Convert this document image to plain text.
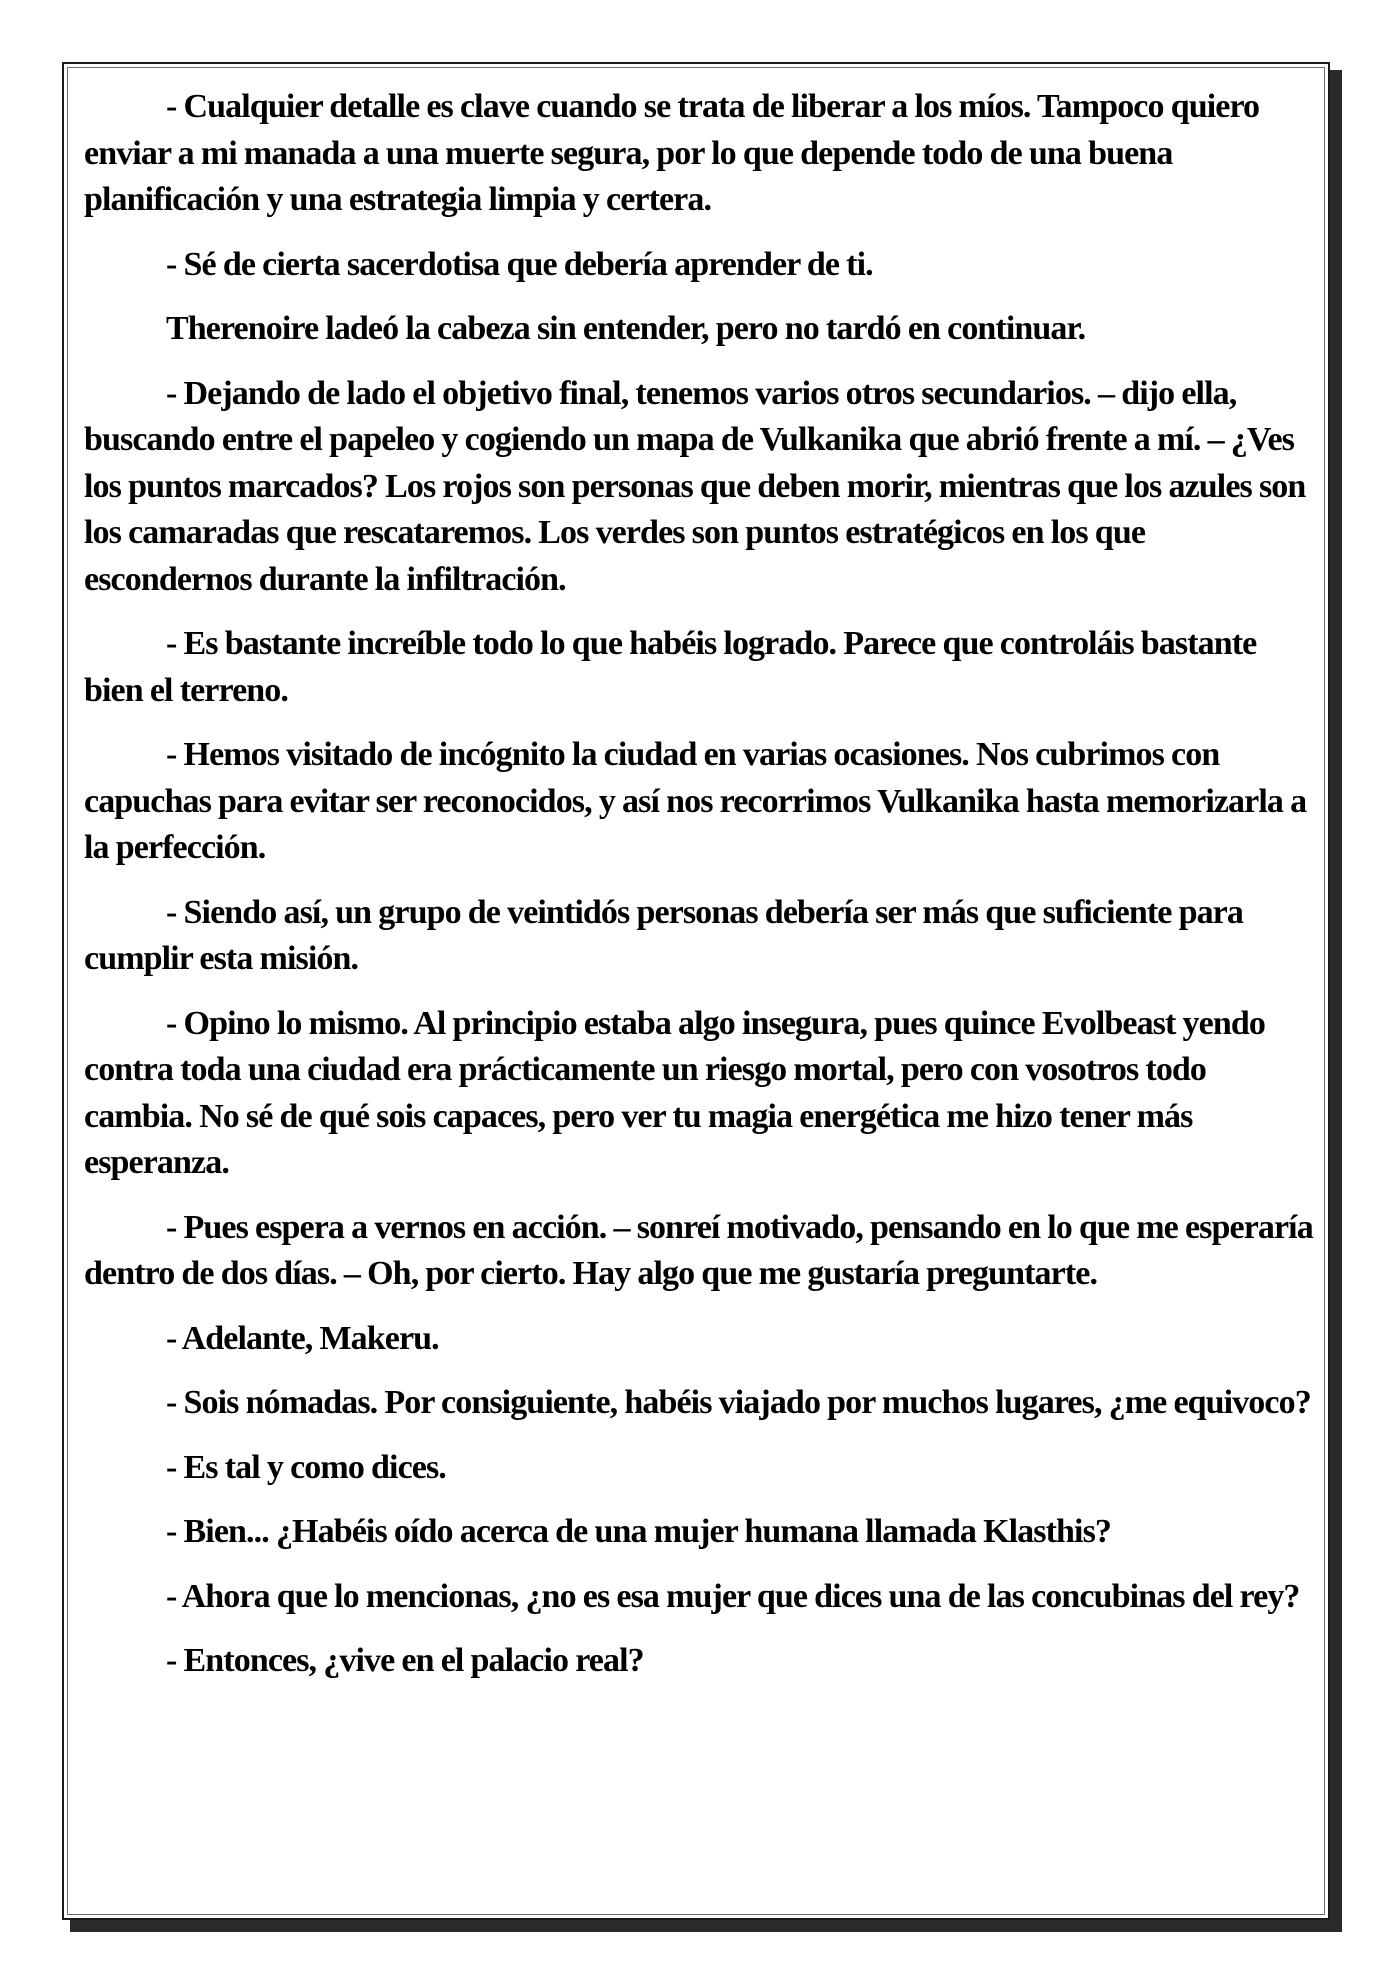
- Cualquier detalle es clave cuando se trata de liberar a los míos. Tampoco quiero enviar a mi manada a una muerte segura, por lo que depende todo de una buena planificación y una estrategia limpia y certera.

- Sé de cierta sacerdotisa que debería aprender de ti.

Therenoire ladeó la cabeza sin entender, pero no tardó en continuar.

- Dejando de lado el objetivo final, tenemos varios otros secundarios. – dijo ella, buscando entre el papeleo y cogiendo un mapa de Vulkanika que abrió frente a mí. – ¿Ves los puntos marcados? Los rojos son personas que deben morir, mientras que los azules son los camaradas que rescataremos. Los verdes son puntos estratégicos en los que escondernos durante la infiltración.

- Es bastante increíble todo lo que habéis logrado. Parece que controláis bastante bien el terreno.

- Hemos visitado de incógnito la ciudad en varias ocasiones. Nos cubrimos con capuchas para evitar ser reconocidos, y así nos recorrimos Vulkanika hasta memorizarla a la perfección.

- Siendo así, un grupo de veintidós personas debería ser más que suficiente para cumplir esta misión.

- Opino lo mismo. Al principio estaba algo insegura, pues quince Evolbeast yendo contra toda una ciudad era prácticamente un riesgo mortal, pero con vosotros todo cambia. No sé de qué sois capaces, pero ver tu magia energética me hizo tener más esperanza.

- Pues espera a vernos en acción. – sonreí motivado, pensando en lo que me esperaría dentro de dos días. – Oh, por cierto. Hay algo que me gustaría preguntarte.

- Adelante, Makeru.

- Sois nómadas. Por consiguiente, habéis viajado por muchos lugares, ¿me equivoco?

- Es tal y como dices.

- Bien... ¿Habéis oído acerca de una mujer humana llamada Klasthis?

- Ahora que lo mencionas, ¿no es esa mujer que dices una de las concubinas del rey?

- Entonces, ¿vive en el palacio real?
